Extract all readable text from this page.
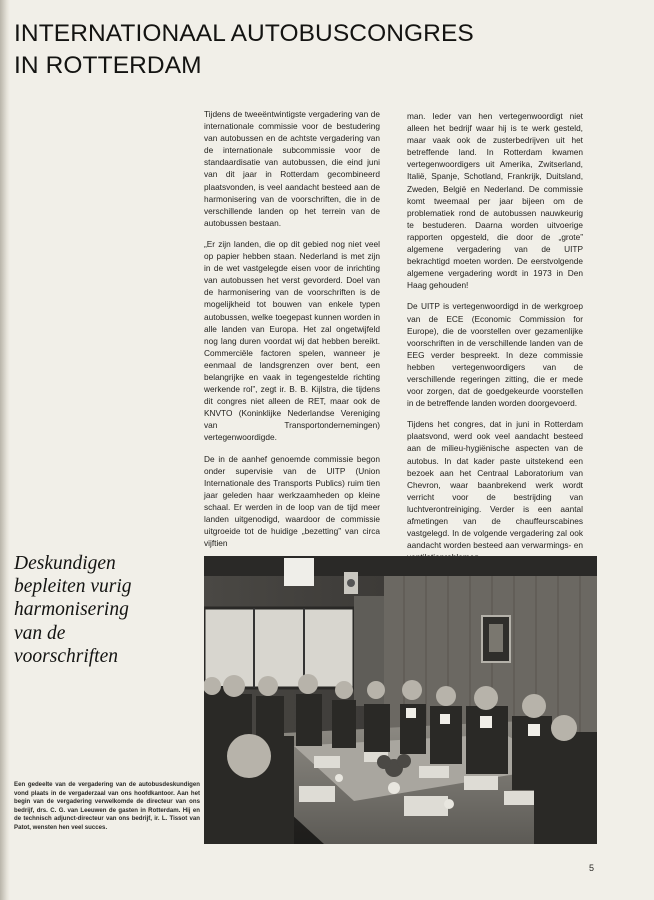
INTERNATIONAAL AUTOBUSCONGRES
IN ROTTERDAM

Tijdens de tweeëntwintigste vergadering van de internationale commissie voor de bestudering van autobussen en de achtste vergadering van de internationale subcommissie voor de standaardisatie van autobussen, die eind juni van dit jaar in Rotterdam gecombineerd plaatsvonden, is veel aandacht besteed aan de harmonisering van de voorschriften, die in de verschillende landen op het terrein van de autobussen bestaan.

„Er zijn landen, die op dit gebied nog niet veel op papier hebben staan. Nederland is met zijn in de wet vastgelegde eisen voor de inrichting van autobussen het verst gevorderd. Doel van de harmonisering van de voorschriften is de mogelijkheid tot bouwen van enkele typen autobussen, welke toegepast kunnen worden in alle landen van Europa. Het zal ongetwijfeld nog lang duren voordat wij dat hebben bereikt. Commerciële factoren spelen, wanneer je eenmaal de landsgrenzen over bent, een belangrijke en vaak in tegengestelde richting werkende rol”, zegt ir. B. B. Kijlstra, die tijdens dit congres niet alleen de RET, maar ook de KNVTO (Koninklijke Nederlandse Vereniging van Transportondernemingen) vertegenwoordigde.

De in de aanhef genoemde commissie begon onder supervisie van de UITP (Union Internationale des Transports Publics) ruim tien jaar geleden haar werkzaamheden op kleine schaal. Er werden in de loop van de tijd meer landen uitgenodigd, waardoor de commissie uitgroeide tot de huidige „bezetting” van circa vijftien

man. Ieder van hen vertegenwoordigt niet alleen het bedrijf waar hij is te werk gesteld, maar vaak ook de zusterbedrijven uit het betreffende land. In Rotterdam kwamen vertegenwoordigers uit Amerika, Zwitserland, Italië, Spanje, Schotland, Frankrijk, Duitsland, Zweden, België en Nederland. De commissie komt tweemaal per jaar bijeen om de problematiek rond de autobussen nauwkeurig te bestuderen. Daarna worden uitvoerige rapporten opgesteld, die door de „grote” algemene vergadering van de UITP bekrachtigd moeten worden. De eerstvolgende algemene vergadering wordt in 1973 in Den Haag gehouden!

De UITP is vertegenwoordigd in de werkgroep van de ECE (Economic Commission for Europe), die de voorstellen over gezamenlijke voorschriften in de verschillende landen van de EEG verder bespreekt. In deze commissie hebben vertegenwoordigers van de verschillende regeringen zitting, die er mede voor zorgen, dat de goedgekeurde voorstellen in de betreffende landen worden doorgevoerd.

Tijdens het congres, dat in juni in Rotterdam plaatsvond, werd ook veel aandacht besteed aan de milieu-hygiënische aspecten van de autobus. In dat kader paste uitstekend een bezoek aan het Centraal Laboratorium van Chevron, waar baanbrekend werk wordt verricht voor de bestrijding van luchtverontreiniging. Verder is een aantal afmetingen van de chauffeurscabines vastgelegd. In de volgende vergadering zal ook aandacht worden besteed aan verwarmings- en

Deskundigen
bepleiten vurig
harmonisering
van de
voorschriften

Een gedeelte van de vergadering van de autobusdeskundigen vond plaats in de vergaderzaal van ons hoofdkantoor. Aan het begin van de vergadering verwelkomde de directeur van ons bedrijf, drs. C. G. van Leeuwen de gasten in Rotterdam. Hij en de technisch adjunct-directeur van ons bedrijf, ir. L. Tissot van Patot, wensten hen veel succes.

5
